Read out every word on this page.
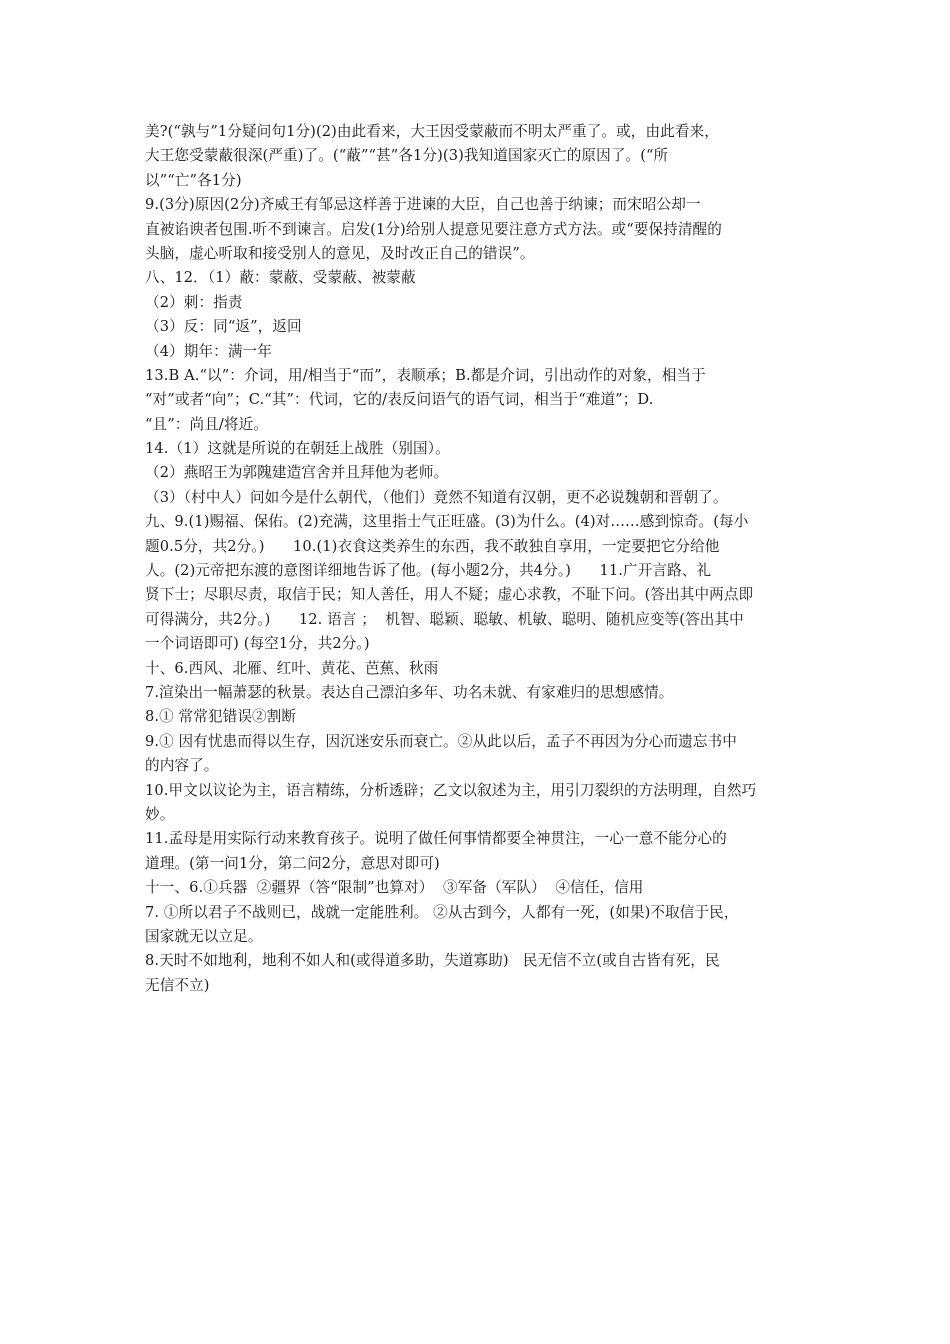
美?(“孰与”1分疑问句1分)(2)由此看来，大王因受蒙蔽而不明太严重了。或，由此看来，
大王您受蒙蔽很深(严重)了。(“蔽”“甚”各1分)(3)我知道国家灭亡的原因了。(“所
以”“亡”各1分)
9.(3分)原因(2分)齐威王有邹忌这样善于进谏的大臣，自己也善于纳谏；而宋昭公却一
直被谄谀者包围.听不到谏言。启发(1分)给别人提意见要注意方式方法。或“要保持清醒的
头脑，虚心听取和接受别人的意见，及时改正自己的错误”。
八、12．（1）蔽：蒙蔽、受蒙蔽、被蒙蔽
（2）刺：指责
（3）反：同“返”，返回
（4）期年：满一年
13.B A.“以”：介词，用/相当于“而”，表顺承；B.都是介词，引出动作的对象，相当于
“对”或者“向”；C.“其”：代词，它的/表反问语气的语气词，相当于“难道”；D.
“且”：尚且/将近。
14.（1）这就是所说的在朝廷上战胜（别国）。
（2）燕昭王为郭隗建造宫舍并且拜他为老师。
（3）（村中人）问如今是什么朝代，（他们）竟然不知道有汉朝，更不必说魏朝和晋朝了。
九、9.(1)赐福、保佑。(2)充满，这里指士气正旺盛。(3)为什么。(4)对……感到惊奇。(每小
题0.5分，共2分。)      10.(1)衣食这类养生的东西，我不敢独自享用，一定要把它分给他
人。(2)元帝把东渡的意图详细地告诉了他。(每小题2分，共4分。)      11.广开言路、礼
贤下士；尽职尽责，取信于民；知人善任，用人不疑；虚心求教，不耻下问。(答出其中两点即
可得满分，共2分。)      12. 语言 ；  机智、聪颖、聪敏、机敏、聪明、随机应变等(答出其中
一个词语即可) (每空1分，共2分。)
十、6.西风、北雁、红叶、黄花、芭蕉、秋雨
7.渲染出一幅萧瑟的秋景。表达自己漂泊多年、功名未就、有家难归的思想感情。
8.① 常常犯错误②割断
9.① 因有忧患而得以生存，因沉迷安乐而衰亡。②从此以后，孟子不再因为分心而遗忘书中
的内容了。
10.甲文以议论为主，语言精练，分析透辟；乙文以叙述为主，用引刀裂织的方法明理，自然巧
妙。
11.孟母是用实际行动来教育孩子。说明了做任何事情都要全神贯注，一心一意不能分心的
道理。(第一问1分，第二问2分，意思对即可)
十一、6.①兵器  ②疆界（答“限制”也算对）  ③军备（军队）  ④信任，信用
7. ①所以君子不战则已，战就一定能胜利。 ②从古到今，人都有一死，(如果)不取信于民，
国家就无以立足。
8.天时不如地利，地利不如人和(或得道多助，失道寡助)   民无信不立(或自古皆有死，民
无信不立)
